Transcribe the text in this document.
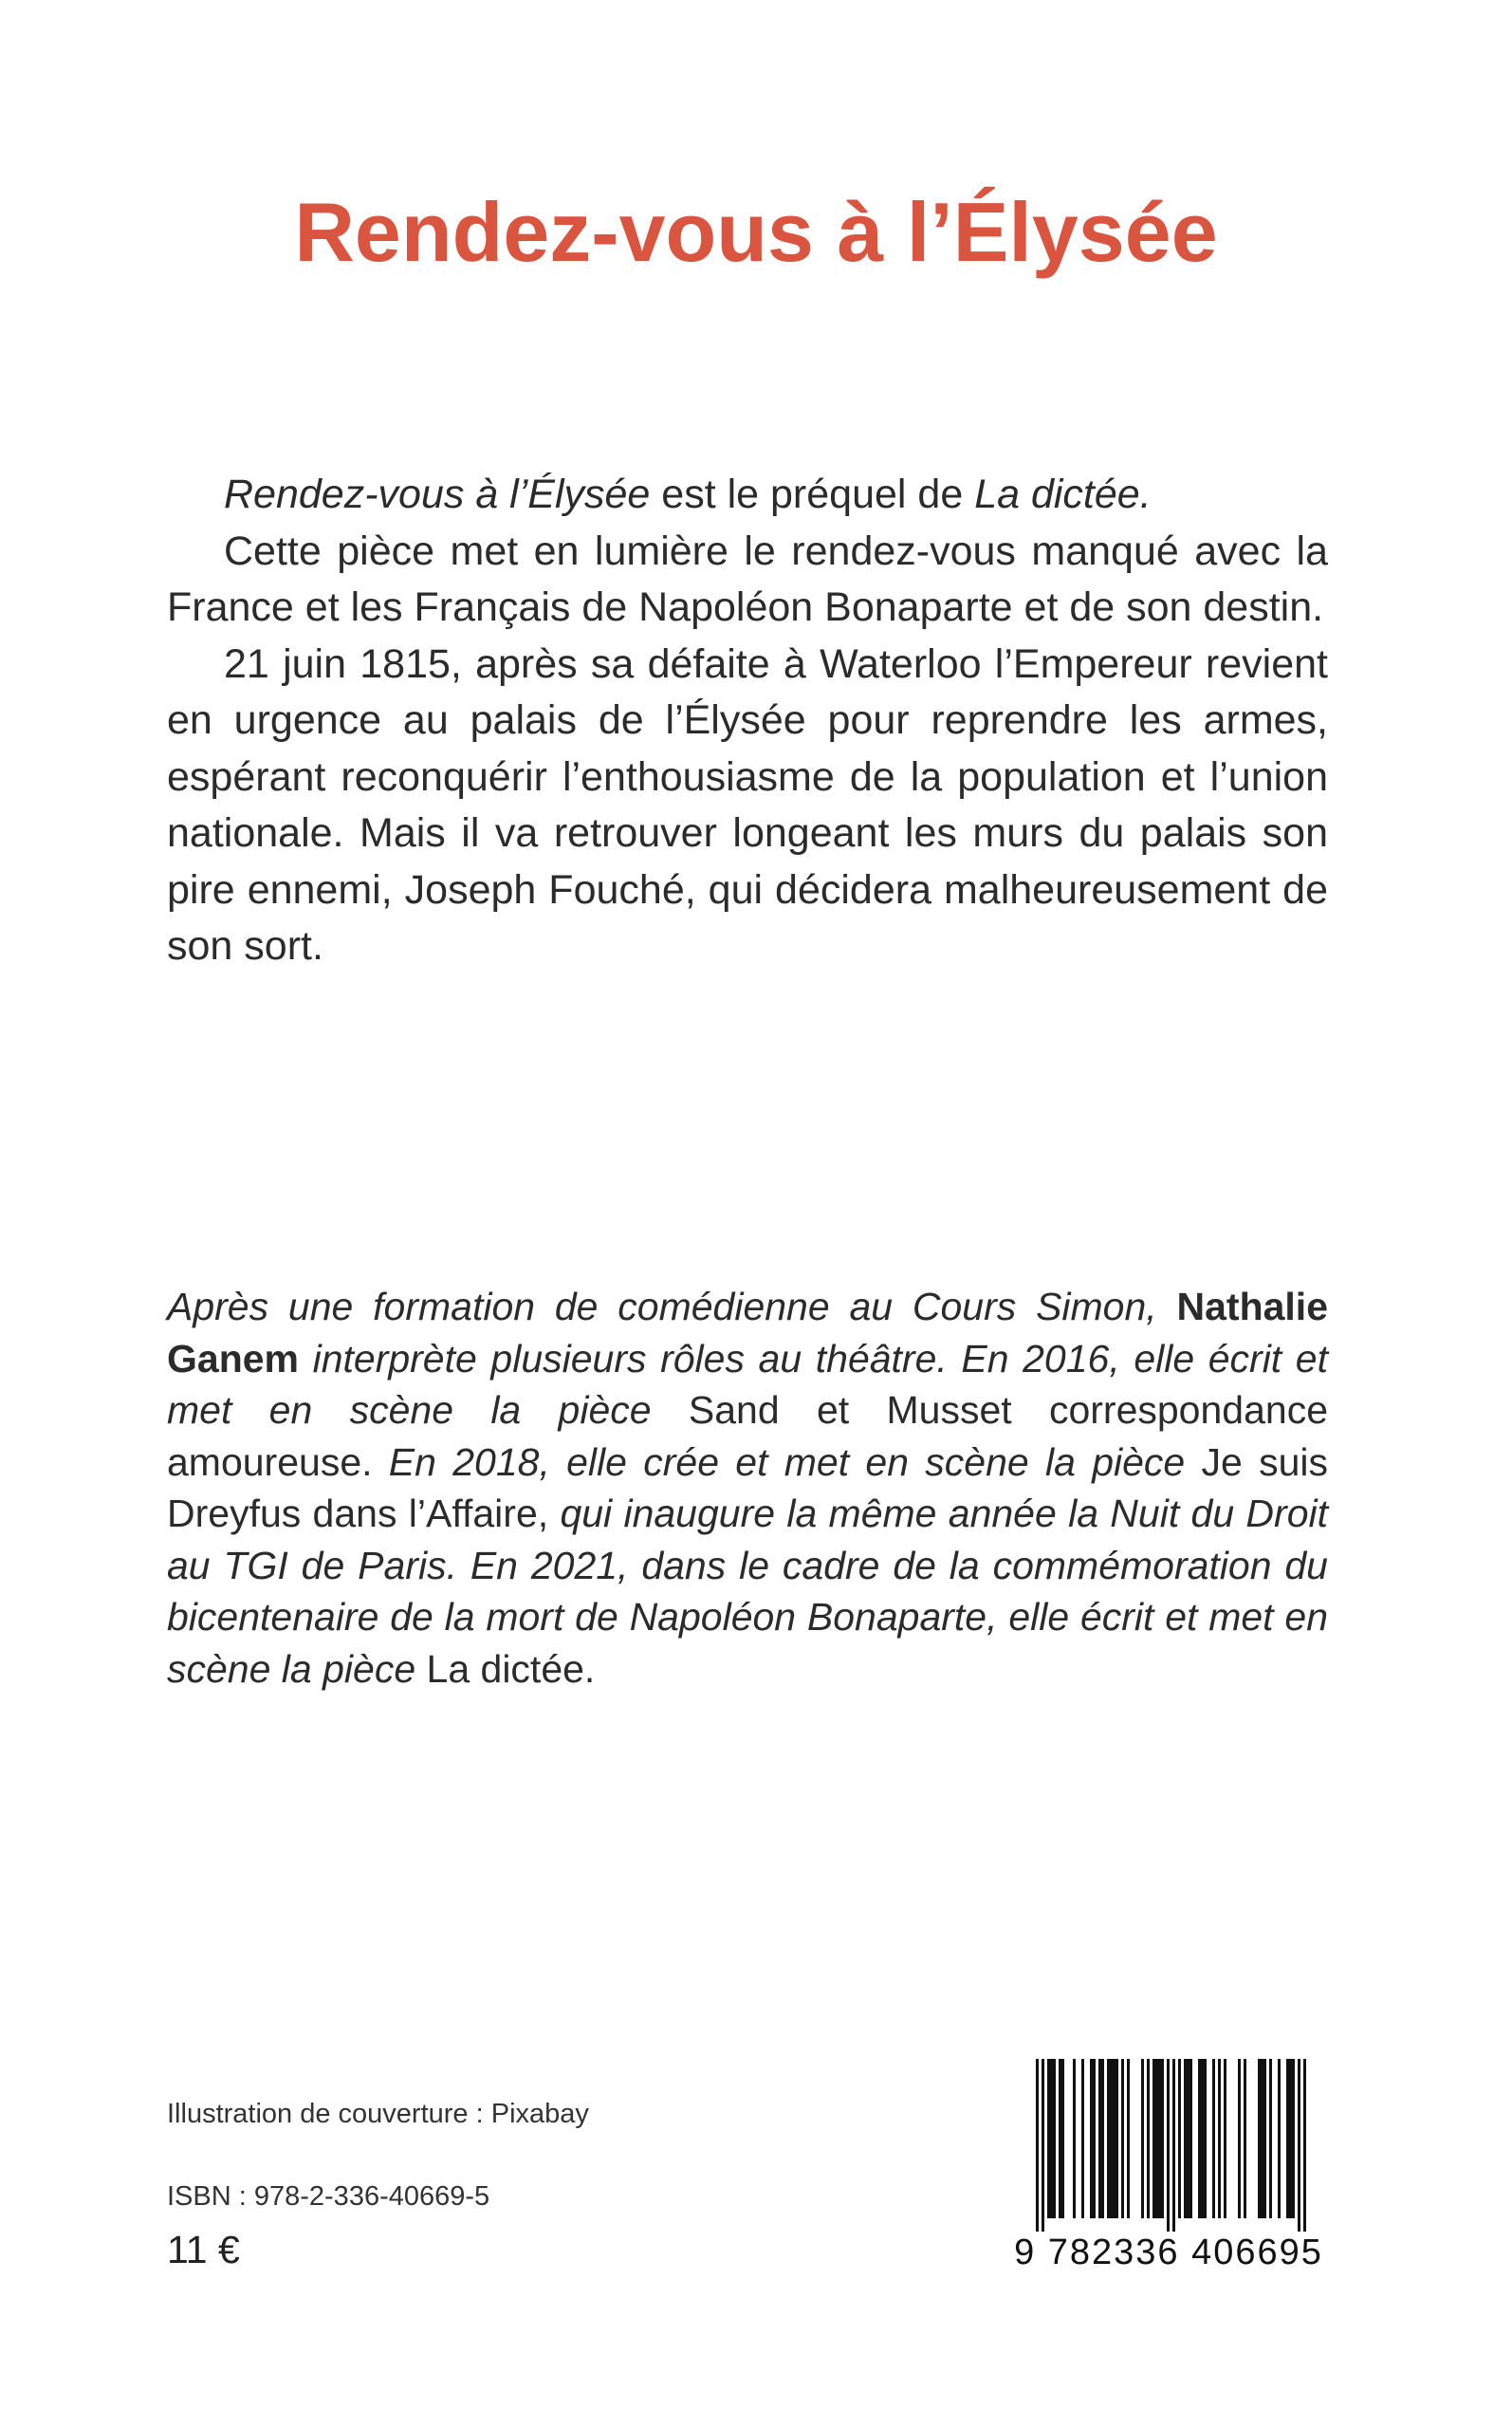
Rendez-vous à l’Élysée

Rendez-vous à l’Élysée est le préquel de La dictée.

Cette pièce met en lumière le rendez-vous manqué avec la France et les Français de Napoléon Bonaparte et de son destin.

21 juin 1815, après sa défaite à Waterloo l’Empereur revient en urgence au palais de l’Élysée pour reprendre les armes, espérant reconquérir l’enthousiasme de la population et l’union nationale. Mais il va retrouver longeant les murs du palais son pire ennemi, Joseph Fouché, qui décidera malheureusement de son sort.

Après une formation de comédienne au Cours Simon, Nathalie Ganem interprète plusieurs rôles au théâtre. En 2016, elle écrit et met en scène la pièce Sand et Musset correspondance amoureuse. En 2018, elle crée et met en scène la pièce Je suis Dreyfus dans l’Affaire, qui inaugure la même année la Nuit du Droit au TGI de Paris. En 2021, dans le cadre de la commémoration du bicentenaire de la mort de Napoléon Bonaparte, elle écrit et met en scène la pièce La dictée.

Illustration de couverture : Pixabay
ISBN : 978-2-336-40669-5
11 €	9 782336 406695
